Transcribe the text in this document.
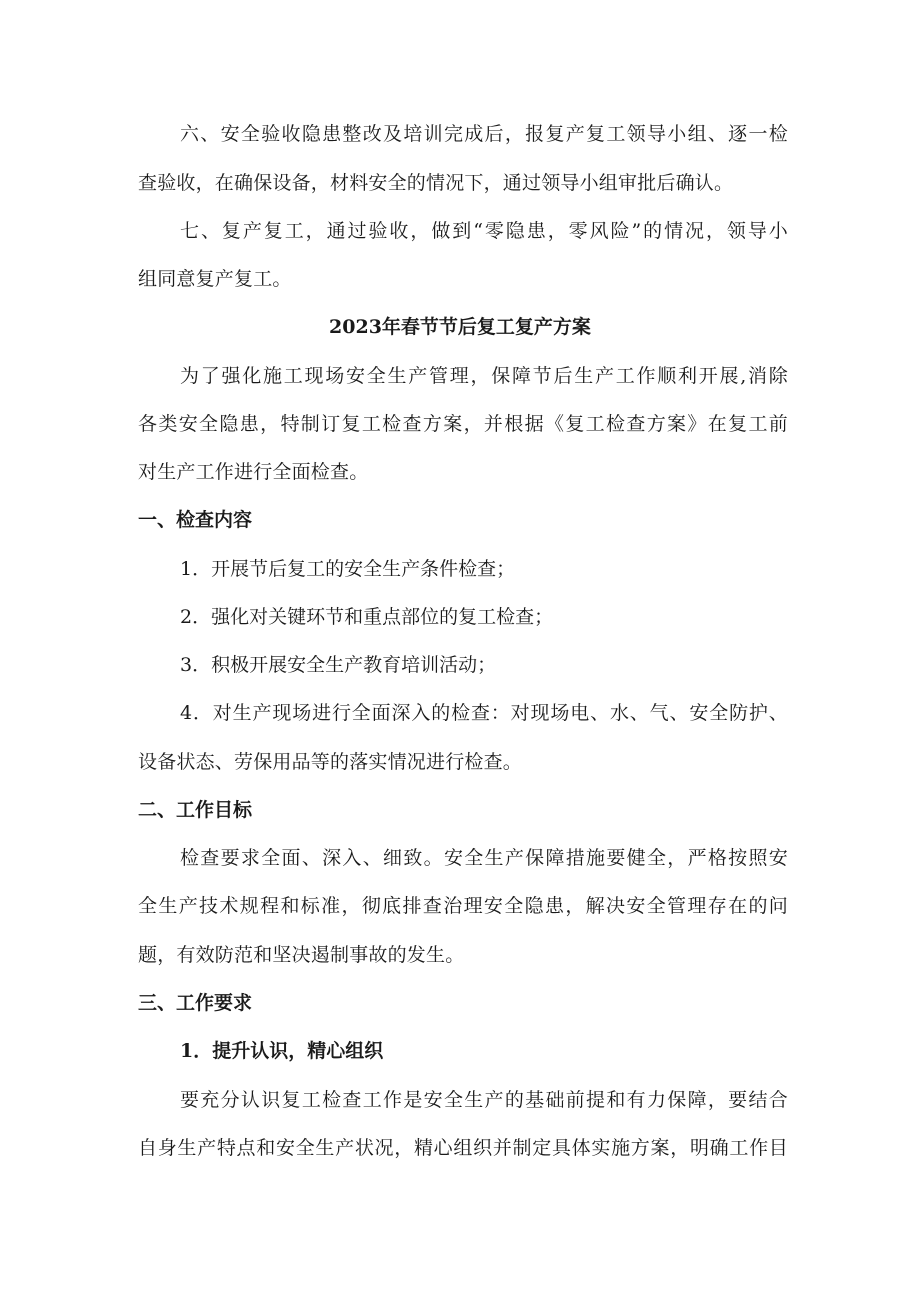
六、安全验收隐患整改及培训完成后，报复产复工领导小组、逐一检
查验收，在确保设备，材料安全的情况下，通过领导小组审批后确认。
七、复产复工，通过验收，做到“零隐患，零风险”的情况，领导小
组同意复产复工。
2023年春节节后复工复产方案
为了强化施工现场安全生产管理，保障节后生产工作顺利开展,消除
各类安全隐患，特制订复工检查方案，并根据《复工检查方案》在复工前
对生产工作进行全面检查。
一、检查内容
1．开展节后复工的安全生产条件检查；
2．强化对关键环节和重点部位的复工检查；
3．积极开展安全生产教育培训活动；
4．对生产现场进行全面深入的检查：对现场电、水、气、安全防护、
设备状态、劳保用品等的落实情况进行检查。
二、工作目标
检查要求全面、深入、细致。安全生产保障措施要健全，严格按照安
全生产技术规程和标准，彻底排查治理安全隐患，解决安全管理存在的问
题，有效防范和坚决遏制事故的发生。
三、工作要求
1．提升认识，精心组织
要充分认识复工检查工作是安全生产的基础前提和有力保障，要结合
自身生产特点和安全生产状况，精心组织并制定具体实施方案，明确工作目
